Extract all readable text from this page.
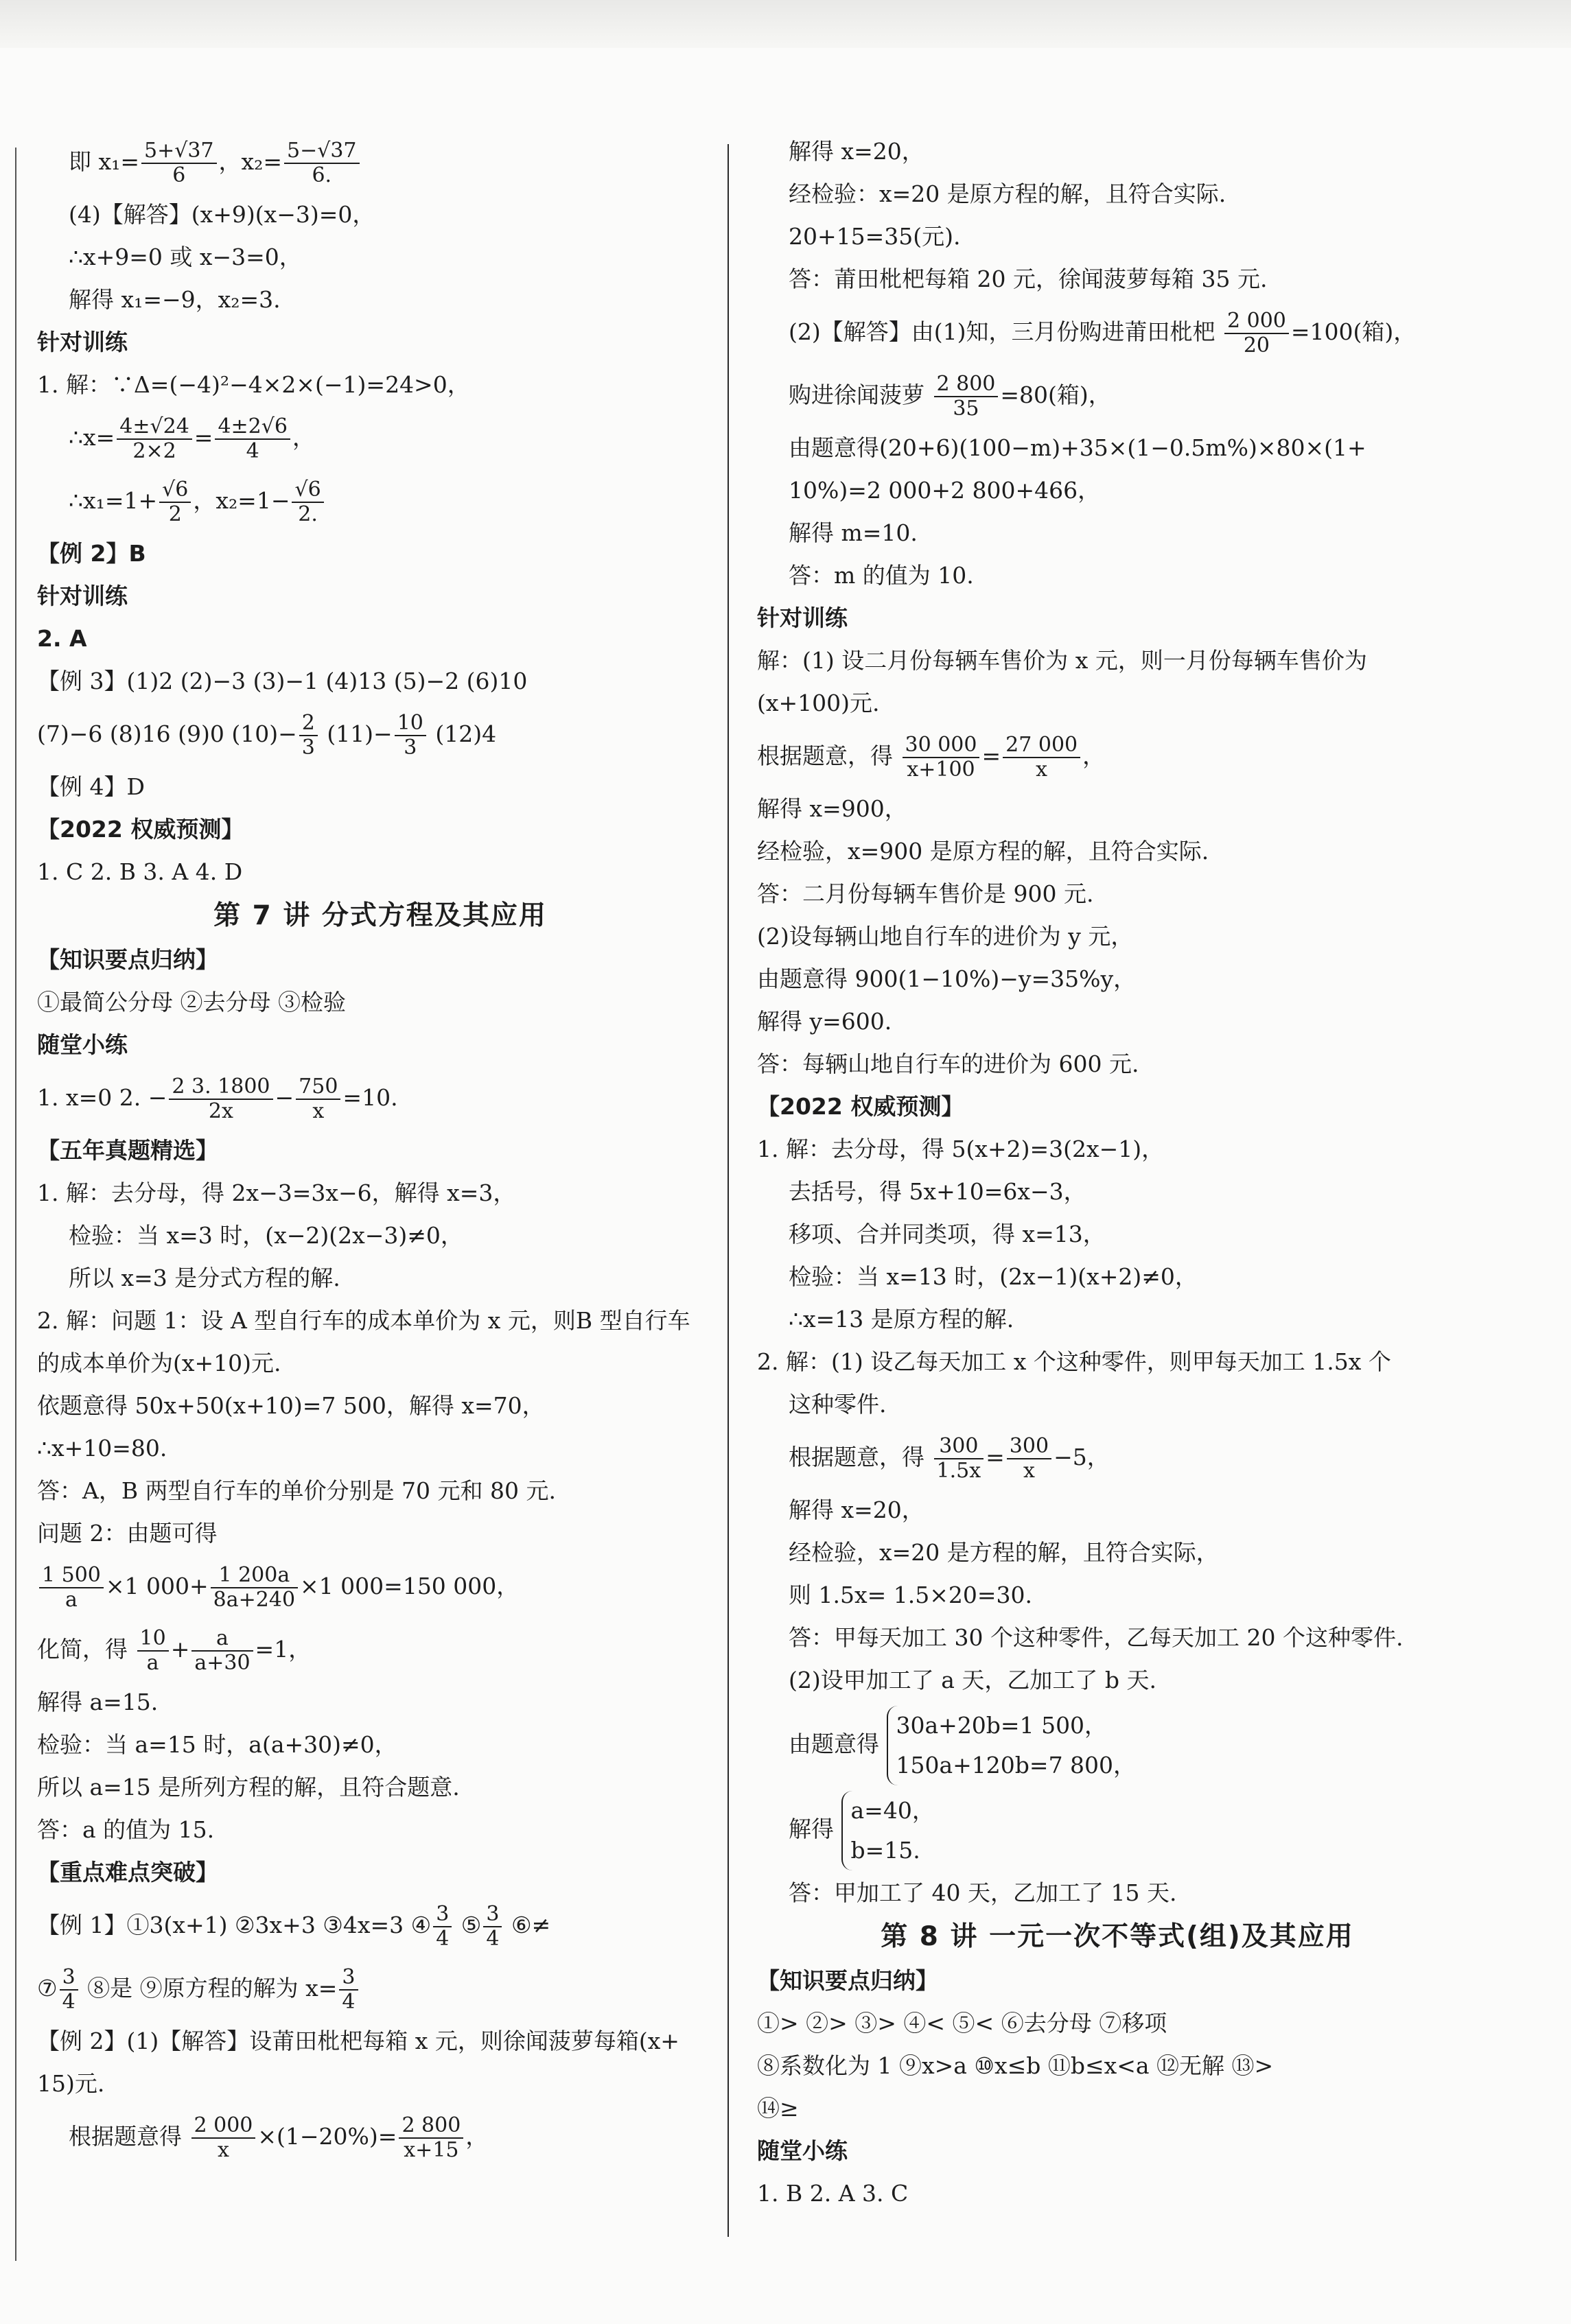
即 $x_1= \frac{5+√37}{6}$ ，$x_2= \frac{5-√37}{6.}$
(4)【解答】(x+9)(x−3)=0，
∴x+9=0 或 x−3=0，
解得 x₁=−9，x₂=3.
针对训练
1. 解：∵Δ=(−4)²−4×2×(−1)=24>0，
∴x= $\frac{4\pm√24}{2\times 2} = \frac{4\pm 2√6}{4}$ ，
∴x₁=1+ $\frac{√6}{2}$ ，$x_2=1- \frac{√6}{2.}$
【例 2】B
针对训练
2. A
【例 3】(1)2 (2)−3 (3)−1 (4)13 (5)−2 (6)10
(7)−6 (8)16 (9)0 $(10)- \frac{2}{3} (11)- \frac{10}{3} (12)4$
【例 4】D
【2022 权威预测】
1. C 2. B 3. A 4. D
第 7 讲 分式方程及其应用
【知识要点归纳】
①最简公分母 ②去分母 ③检验
随堂小练
1. x=0 2. − $\frac{2 3. 1800}{2x} - \frac{750}{x} =10$.
【五年真题精选】
1. 解：去分母，得 2x−3=3x−6，解得 x=3，
检验：当 x=3 时，(x−2)(2x−3)≠0，
所以 x=3 是分式方程的解.
2. 解：问题 1：设 A 型自行车的成本单价为 x 元，则B 型自行车
的成本单价为(x+10)元.
依题意得 50x+50(x+10)=7 500，解得 x=70，
∴x+10=80.
答：A，B 两型自行车的单价分别是 70 元和 80 元.
问题 2：由题可得
$\frac{1 500}{a} \times 1$ $000+ \frac{1 200a}{8a+240} \times 1$ 000=150 000，
化简，得 $\frac{10}{a} + \frac{a}{a+30} =1$，
解得 a=15.
检验：当 a=15 时，a(a+30)≠0，
所以 a=15 是所列方程的解，且符合题意.
答：a 的值为 15.
【重点难点突破】
【例 1】①3(x+1) ②3x+3 ③4x=3 ④ $\frac{3}{4}$ ⑤ $\frac{3}{4}$ ⑥≠
⑦ $\frac{3}{4}$ ⑧是 ⑨原方程的解为 $x= \frac{3}{4}$
【例 2】(1)【解答】设莆田枇杷每箱 x 元，则徐闻菠萝每箱(x+
15)元.
根据题意得 $\frac{2 000}{x} \times(1-20\%)= \frac{2 800}{x+15}$ ，
解得 x=20，
经检验：x=20 是原方程的解，且符合实际.
20+15=35(元).
答：莆田枇杷每箱 20 元，徐闻菠萝每箱 35 元.
(2)【解答】由(1)知，三月份购进莆田枇杷 $\frac{2 000}{20} =100$(箱)，
购进徐闻菠萝 $\frac{2 800}{35} =80$(箱)，
由题意得(20+6)(100−m)+35×(1−0.5m%)×80×(1+
10%)=2 000+2 800+466，
解得 m=10.
答：m 的值为 10.
针对训练
解：(1) 设二月份每辆车售价为 x 元，则一月份每辆车售价为
(x+100)元.
根据题意，得 $\frac{30 000}{x+100} = \frac{27 000}{x}$ ，
解得 x=900，
经检验，x=900 是原方程的解，且符合实际.
答：二月份每辆车售价是 900 元.
(2)设每辆山地自行车的进价为 y 元，
由题意得 900(1−10%)−y=35%y，
解得 y=600.
答：每辆山地自行车的进价为 600 元.
【2022 权威预测】
1. 解：去分母，得 5(x+2)=3(2x−1)，
去括号，得 5x+10=6x−3，
移项、合并同类项，得 x=13，
检验：当 x=13 时，(2x−1)(x+2)≠0，
∴x=13 是原方程的解.
2. 解：(1) 设乙每天加工 x 个这种零件，则甲每天加工 1.5x 个
这种零件.
根据题意，得 $\frac{300}{1.5x} = \frac{300}{x} -5$，
解得 x=20，
经检验，x=20 是方程的解，且符合实际，
则 1.5x= 1.5×20=30.
答：甲每天加工 30 个这种零件，乙每天加工 20 个这种零件.
(2)设甲加工了 a 天，乙加工了 b 天.
由题意得
30a+20b=1 500，
150a+120b=7 800，
解得
a=40，
b=15.
答：甲加工了 40 天，乙加工了 15 天.
第 8 讲 一元一次不等式(组)及其应用
【知识要点归纳】
①> ②> ③> ④< ⑤< ⑥去分母 ⑦移项
⑧系数化为 1 ⑨x>a ⑩x≤b ⑪b≤x<a ⑫无解 ⑬>
⑭≥
随堂小练
1. B 2. A 3. C
